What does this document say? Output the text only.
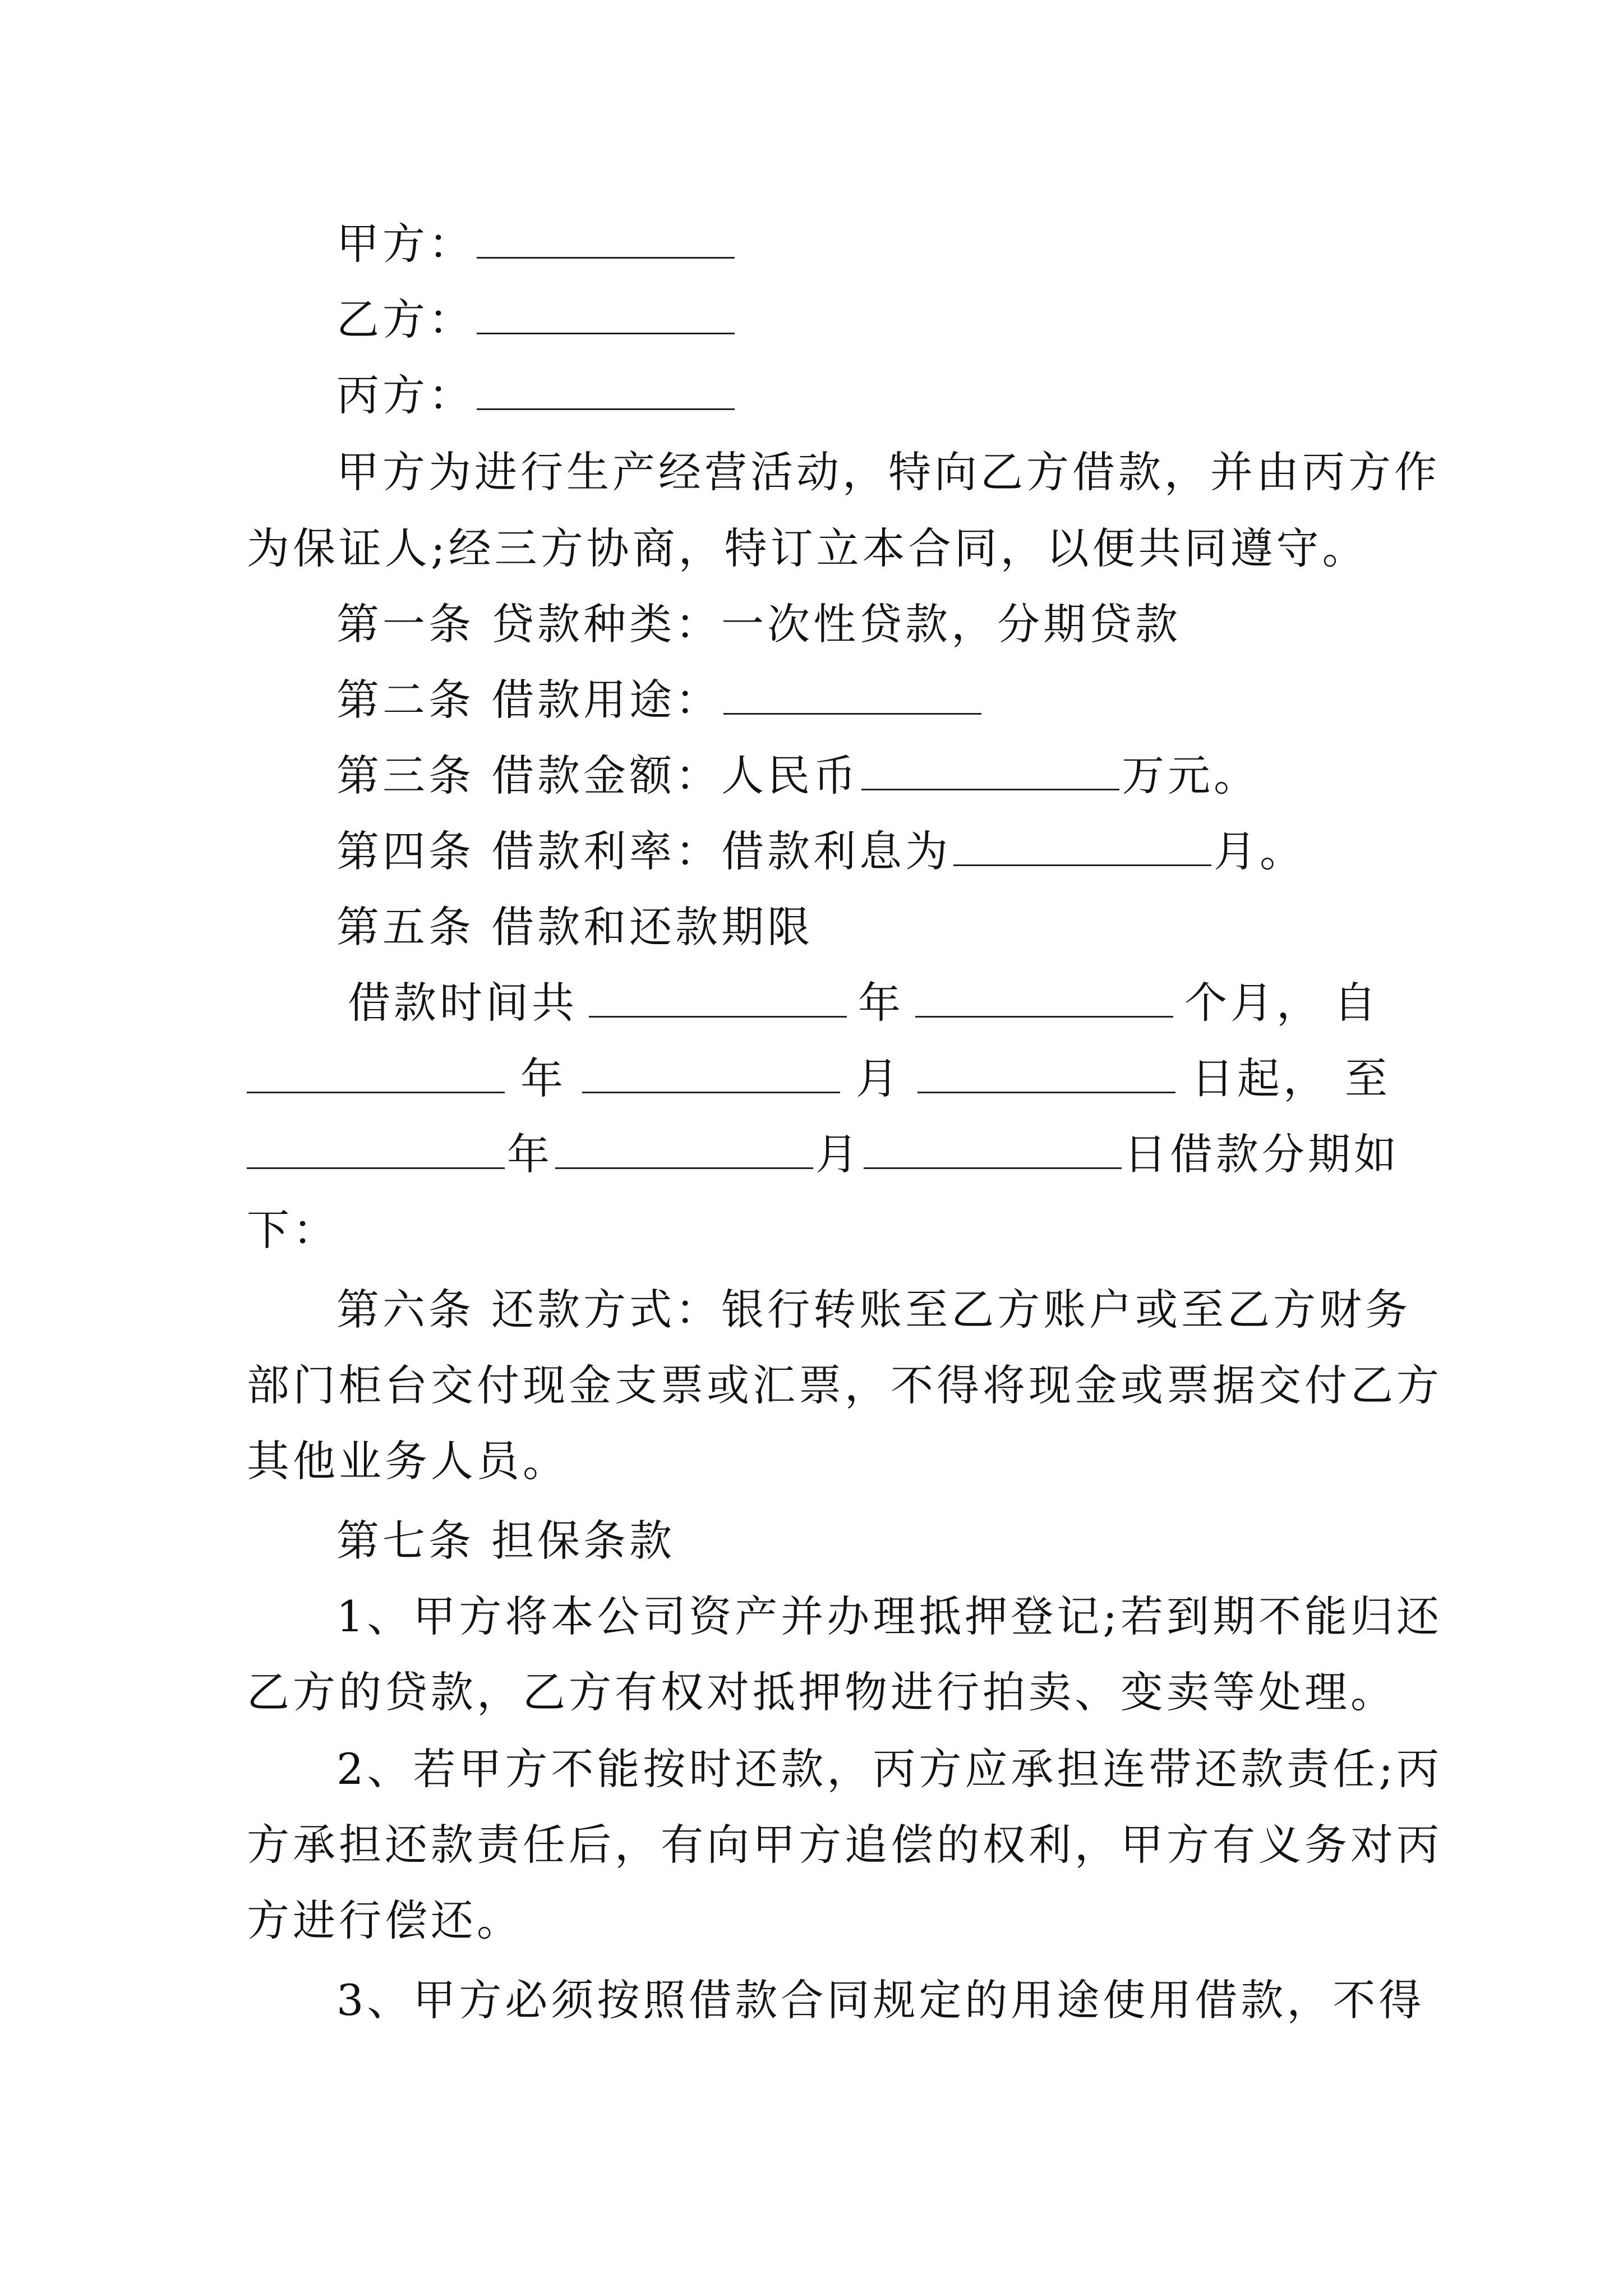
甲方：
乙方：
丙方：
甲方为进行生产经营活动，特向乙方借款，并由丙方作
为保证人;经三方协商，特订立本合同，以便共同遵守。
第一条 贷款种类：一次性贷款，分期贷款
第二条 借款用途：
第三条 借款金额：人民币	万元。
第四条 借款利率：借款利息为	月。
第五条 借款和还款期限
借款时间共	年	个月， 自
年	月	日起， 至
年	月	日借款分期如
下：
第六条 还款方式：银行转账至乙方账户或至乙方财务
部门柜台交付现金支票或汇票，不得将现金或票据交付乙方
其他业务人员。
第七条 担保条款
1、甲方将本公司资产并办理抵押登记;若到期不能归还
乙方的贷款，乙方有权对抵押物进行拍卖、变卖等处理。
2、若甲方不能按时还款，丙方应承担连带还款责任;丙
方承担还款责任后，有向甲方追偿的权利，甲方有义务对丙
方进行偿还。
3、甲方必须按照借款合同规定的用途使用借款，不得
